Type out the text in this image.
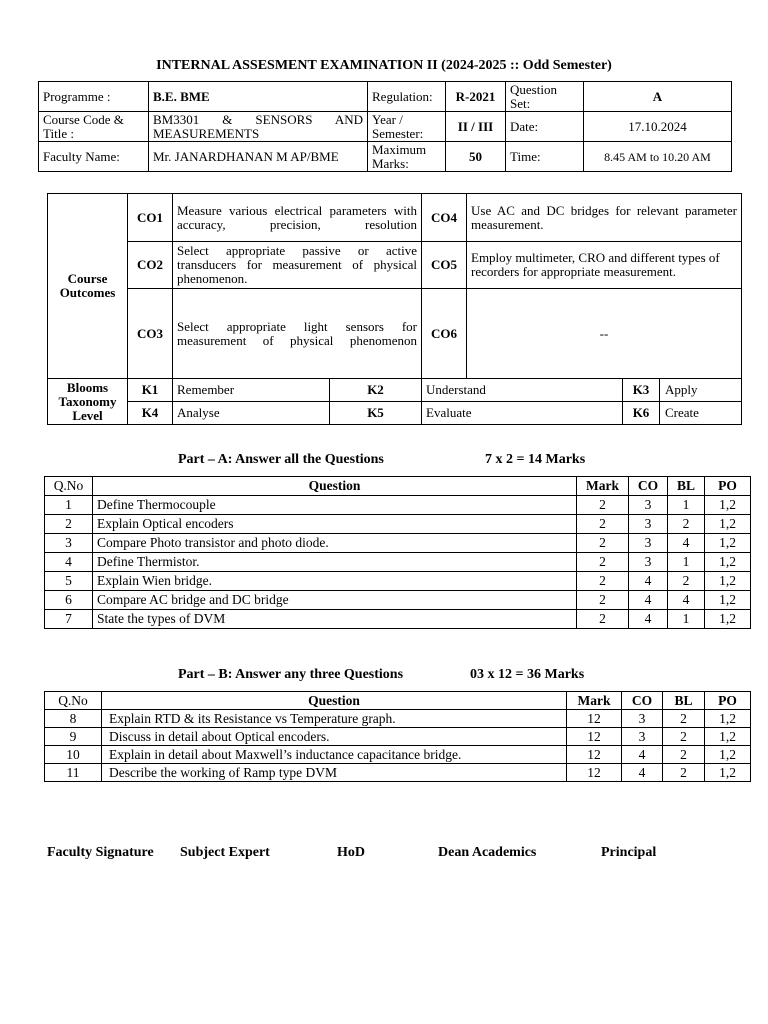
INTERNAL ASSESMENT EXAMINATION II (2024-2025 :: Odd Semester)
Programme :	B.E. BME	Regulation:	R-2021	Question Set:	A
Course Code & Title :	BM3301 & SENSORS AND MEASUREMENTS	Year / Semester:	II / III	Date:	17.10.2024
Faculty Name:	Mr. JANARDHANAN M AP/BME	Maximum Marks:	50	Time:	8.45 AM to 10.20 AM
Course Outcomes	CO1	Measure various electrical parameters with accuracy, precision, resolution		CO4	Use AC and DC bridges for relevant parameter measurement.	
	CO2	Select appropriate passive or active transducers for measurement of physical phenomenon.		CO5	Employ multimeter, CRO and different types of recorders for appropriate measurement.	
	CO3	Select appropriate light sensors for measurement of physical phenomenon		CO6	--	
Blooms Taxonomy Level	K1	Remember	K2	Understand		K3 Apply

	K4	Analyse	K5	Evaluate		K6 Create
Part – A: Answer all the Questions	7 x 2 = 14 Marks
Q.No	Question	Mark	CO	BL	PO
1	Define Thermocouple	2	3	1	1,2
2	Explain Optical encoders	2	3	2	1,2
3	Compare Photo transistor and photo diode.	2	3	4	1,2
4	Define Thermistor.	2	3	1	1,2
5	Explain Wien bridge.	2	4	2	1,2
6	Compare AC bridge and DC bridge	2	4	4	1,2
7	State the types of DVM	2	4	1	1,2
Part – B: Answer any three Questions	03 x 12 = 36 Marks
Q.No	Question	Mark	CO	BL	PO
8	Explain RTD & its Resistance vs Temperature graph.	12	3	2	1,2
9	Discuss in detail about Optical encoders.	12	3	2	1,2
10	Explain in detail about Maxwell’s inductance capacitance bridge.	12	4	2	1,2
11	Describe the working of Ramp type DVM	12	4	2	1,2
Faculty Signature Subject Expert	HoD	Dean Academics	Principal
